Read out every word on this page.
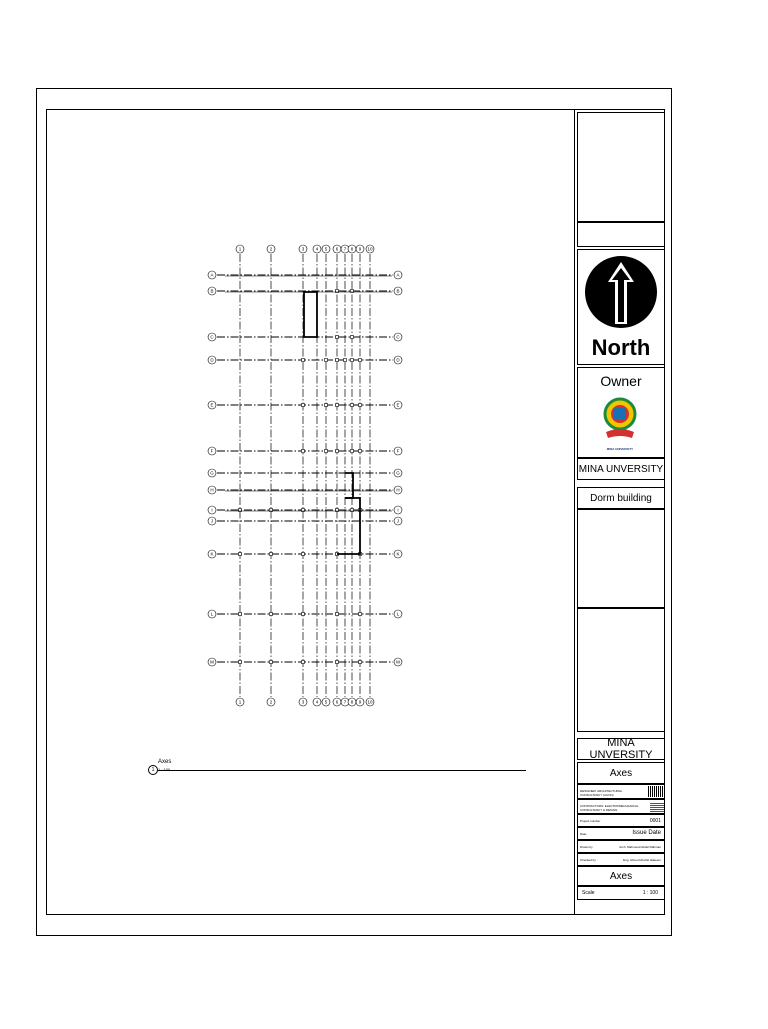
1
1
2
2
3
3
4
4
5
5
6
6
7
7
8
8
9
9
10
10
A	A
B	B
C	C
D	D
E	E
F	F
G	G
H	H
I	I
J	J
K	K
L	L
M	M
1
Axes
1 : 100
North
Owner
MINA UNIVERSITY
MINA UNVERSITY
Dorm building
MINA UNVERSITY
Axes
DESIGNER: ARCHITECTURAL CONSULTANCY (ACON)
CONTRACTORS: ELECTROMECHANICAL CONSULTANCY & DESIGN
Project number	0001
Date	Issue Date
Drawn by	Arch. Mahmoud Abdel Rahman
Checked by	Eng. Ahmed Abd El Hakeem
Axes
Scale	1 : 100
